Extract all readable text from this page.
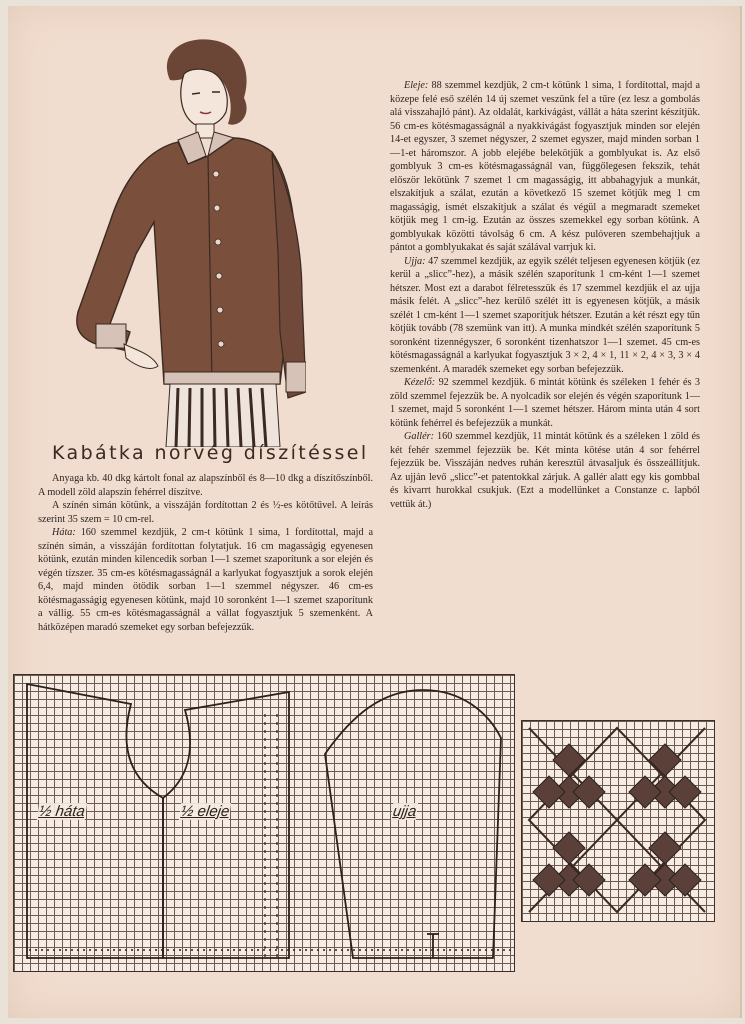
Kabátka norvég díszítéssel

Anyaga kb. 40 dkg kártolt fonal az alapszínből és 8—10 dkg a díszítőszínből. A modell zöld alapszín fehérrel díszítve.

A színén simán kötünk, a visszáján fordítottan 2 és ½-es kötőtűvel. A leírás szerint 35 szem = 10 cm-rel.

Háta: 160 szemmel kezdjük, 2 cm-t kötünk 1 sima, 1 fordítottal, majd a színén simán, a visszáján fordítottan folytatjuk. 16 cm magasságig egyenesen kötünk, ezután minden kilencedik sorban 1—1 szemet szaporítunk a sor elején és végén tízszer. 35 cm-es kötésmagasságnál a karlyukat fogyasztjuk a sorok elején 6,4, majd minden ötödik sorban 1—1 szemmel négyszer. 46 cm-es kötésmagasságig egyenesen kötünk, majd 10 soronként 1—1 szemet szaporítunk a vállig. 55 cm-es kötésmagasságnál a vállat fogyasztjuk 5 szemenként. A hátközépen maradó szemeket egy sorban befejezzük.

Eleje: 88 szemmel kezdjük, 2 cm-t kötünk 1 sima, 1 fordítottal, majd a közepe felé eső szélén 14 új szemet veszünk fel a tűre (ez lesz a gombolás alá visszahajló pánt). Az oldalát, karkivágást, vállát a háta szerint készítjük. 56 cm-es kötésmagasságnál a nyakkivágást fogyasztjuk minden sor elején 14-et egyszer, 3 szemet négyszer, 2 szemet egyszer, majd minden sorban 1—1-et háromszor. A jobb elejébe belekötjük a gomblyukat is. Az első gomblyuk 3 cm-es kötésmagasságnál van, függőlegesen fekszik, tehát először lekötünk 7 szemet 1 cm magasságig, itt abbahagyjuk a munkát, elszakítjuk a szálat, ezután a következő 15 szemet kötjük meg 1 cm magasságig, ismét elszakítjuk a szálat és végül a megmaradt szemeket kötjük meg 1 cm-ig. Ezután az összes szemekkel egy sorban kötünk. A gomblyukak közötti távolság 6 cm. A kész pulóveren szembehajtjuk a pántot a gomblyukakat és saját szálával varrjuk ki.

Ujja: 47 szemmel kezdjük, az egyik szélét teljesen egyenesen kötjük (ez kerül a „slicc”-hez), a másik szélén szaporítunk 1 cm-ként 1—1 szemet hétszer. Most ezt a darabot félretesszük és 17 szemmel kezdjük el az ujja másik felét. A „slicc”-hez kerülő szélét itt is egyenesen kötjük, a másik szélét 1 cm-ként 1—1 szemet szaporítjuk hétszer. Ezután a két részt egy tűn kötjük tovább (78 szemünk van itt). A munka mindkét szélén szaporítunk 5 soronként tizennégyszer, 6 soronként tizenhatszor 1—1 szemet. 45 cm-es kötésmagasságnál a karlyukat fogyasztjuk 3 × 2, 4 × 1, 11 × 2, 4 × 3, 3 × 4 szemenként. A maradék szemeket egy sorban befejezzük.

Kézelő: 92 szemmel kezdjük. 6 mintát kötünk és széleken 1 fehér és 3 zöld szemmel fejezzük be. A nyolcadik sor elején és végén szaporítunk 1—1 szemet, majd 5 soronként 1—1 szemet hétszer. Három minta után 4 sort kötünk fehérrel és befejezzük a munkát.

Gallér: 160 szemmel kezdjük, 11 mintát kötünk és a széleken 1 zöld és két fehér szemmel fejezzük be. Két minta kötése után 4 sor fehérrel fejezzük be. Visszáján nedves ruhán keresztül átvasaljuk és összeállítjuk. Az ujján levő „slicc”-et patentokkal zárjuk. A gallér alatt egy kis gombbal és kivarrt hurokkal csukjuk. (Ezt a modellünket a Constanze c. lapból vettük át.)

½ háta	½ eleje	ujja
